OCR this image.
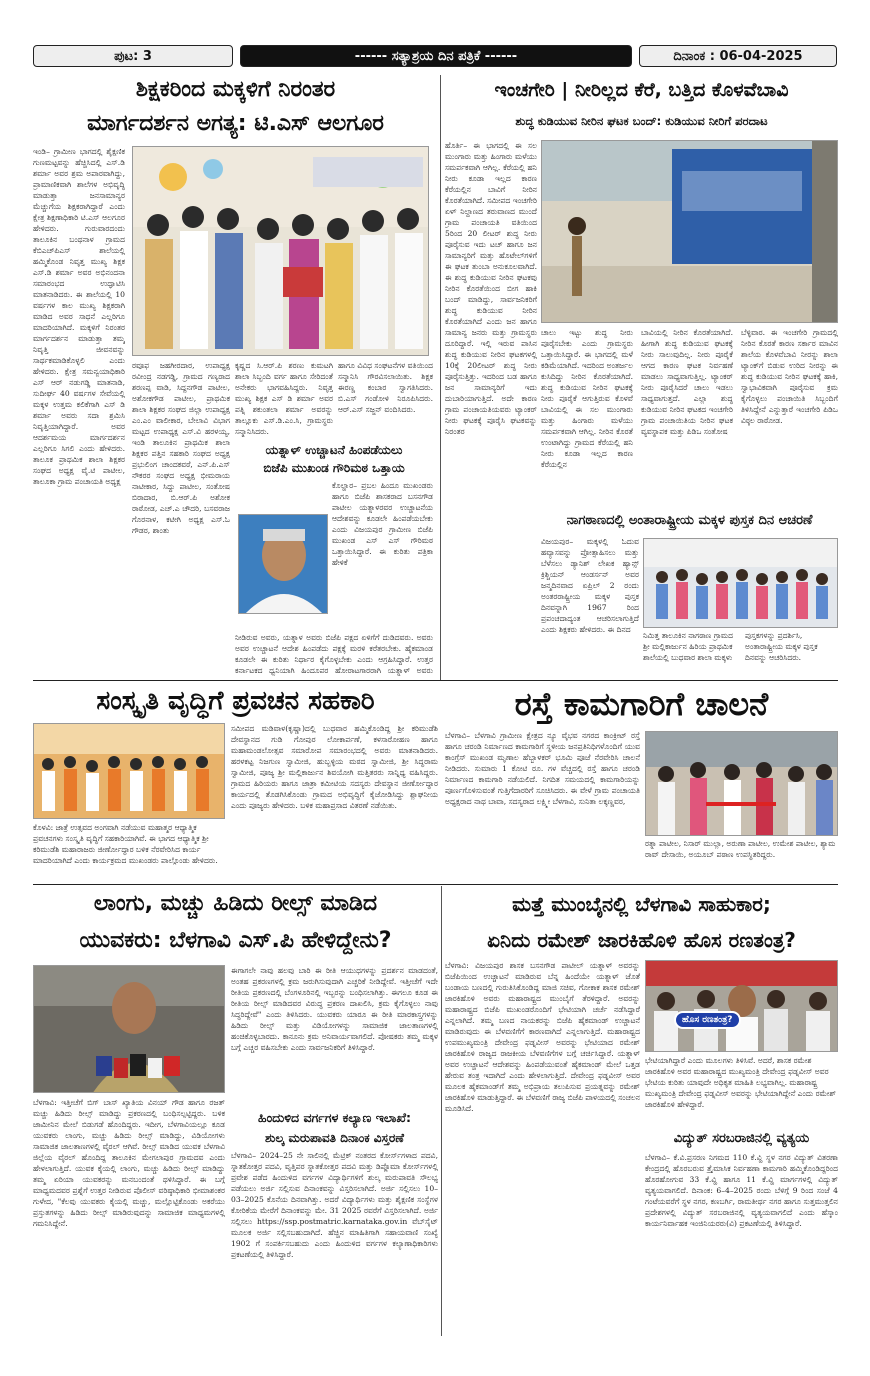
ಪುಟ: 3	------ ಸತ್ಯಾಶ್ರಯ ದಿನ ಪತ್ರಿಕೆ ------	ದಿನಾಂಕ : 06-04-2025
ಶಿಕ್ಷಕರಿಂದ ಮಕ್ಕಳಿಗೆ ನಿರಂತರ
ಮಾರ್ಗದರ್ಶನ ಅಗತ್ಯ: ಟಿ.ಎಸ್ ಆಲಗೂರ
ಇಂಡಿ– ಗ್ರಾಮೀಣ ಭಾಗದಲ್ಲಿ ಶೈಕ್ಷಣಿಕ ಗುಣಮಟ್ಟವನ್ನು ಹೆಚ್ಚಿಸಿದಲ್ಲಿ ಎಸ್.ಡಿ ಶರ್ಮಾ ಅವರ ಶ್ರಮ ಅಪಾರವಾಗಿದ್ದು, ಪ್ರಾಮಾಣಿಕವಾಗಿ ಶಾಲೆಗಳ ಅಭಿವೃದ್ಧಿ ಮಾಡುತ್ತಾ ಜನಸಾಮಾನ್ಯರ ಮೆಚ್ಚುಗೆಯ ಶಿಕ್ಷಕರಾಗಿದ್ದಾರೆ ಎಂದು ಕ್ಷೇತ್ರ ಶಿಕ್ಷಣಾಧಿಕಾರಿ ಟಿ.ಎಸ್ ಆಲಗೂರ ಹೇಳಿದರು. ಗುರುವಾರದಂದು ತಾಲೂಕಿನ ಬಂಥನಾಳ ಗ್ರಾಮದ ಕೆಬಿಎಚ್‌ಪಿಎಸ್ ಶಾಲೆಯಲ್ಲಿ ಹಮ್ಮಿಕೊಂಡ ನಿವೃತ್ತ ಮುಖ್ಯ ಶಿಕ್ಷಕ ಎಸ್.ಡಿ ಶರ್ಮಾ ಅವರ ಅಭಿನಂದನಾ ಸಮಾರಂಭದ ಉದ್ಘಾಟಿಸಿ ಮಾತನಾಡಿದರು. ಈ ಶಾಲೆಯಲ್ಲಿ 10 ವರ್ಷಗಳ ಕಾಲ ಮುಖ್ಯ ಶಿಕ್ಷಕರಾಗಿ ಮಾಡಿದ ಅವರ ಸಾಧನೆ ಎಲ್ಲರಿಗೂ ಮಾದರಿಯಾಗಿದೆ. ಮಕ್ಕಳಿಗೆ ನಿರಂತರ ಮಾರ್ಗದರ್ಶನ ಮಾಡುತ್ತಾ ತಮ್ಮ ನಿವೃತ್ತಿ ಜೀವನವನ್ನು ಸಾರ್ಥಕಮಾಡಿಕೊಳ್ಳಲಿ ಎಂದು ಹೇಳಿದರು. ಕ್ಷೇತ್ರ ಸಮನ್ವಯಾಧಿಕಾರಿ ಎಸ್ ಆರ್ ನಡುಗಡ್ಡಿ ಮಾತನಾಡಿ, ಸುದೀರ್ಘ 40 ವರ್ಷಗಳ ಸೇವೆಯಲ್ಲಿ ಮಕ್ಕಳ ಉತ್ತಮ ಕಲಿಕೆಗಾಗಿ ಎಸ್ ಡಿ ಶರ್ಮಾ ಅವರು ಸದಾ ಶ್ರಮಿಸಿ ನಿವೃತ್ತಿಯಾಗಿದ್ದಾರೆ. ಅವರ ಆದರ್ಶಮಯ ಮಾರ್ಗದರ್ಶನ ಎಲ್ಲರಿಗೂ ಸಿಗಲಿ ಎಂದು ಹೇಳಿದರು. ತಾಲೂಕ ಪ್ರಾಥಮಿಕ ಶಾಲಾ ಶಿಕ್ಷಕರ ಸಂಘದ ಅಧ್ಯಕ್ಷ ವೈ.ಟಿ ಪಾಟೀಲ, ತಾಲೂಕಾ ಗ್ರಾಮ ಪಂಚಾಯತಿ ಅಧ್ಯಕ್ಷ
ರವೂಫ ಜಹಗೀರದಾರ, ಉಪಾಧ್ಯಕ್ಷ ರವೀಂದ್ರ ನಡಗಡ್ಡಿ, ಗ್ರಾಮದ ಗಣ್ಯರಾದ ಶರಣಪ್ಪ ವಾಡಿ, ಸಿದ್ದನಗೌಡ ಪಾಟೀಲ, ಅಶೋಕಗೌಡ ಪಾಟೀಲ, ಪ್ರಾಥಮಿಕ ಶಾಲಾ ಶಿಕ್ಷಕರ ಸಂಘದ ಜಿಲ್ಲಾ ಉಪಾಧ್ಯಕ್ಷ ಎಂ.ಎಂ ವಾಲೀಕಾರ, ಬೇಲಾವಿ ವಿಭಾಗ ಮಟ್ಟದ ಉಪಾಧ್ಯಕ್ಷ ಎಸ್.ವಿ ಹರಳಯ್ಯ, ಇಂಡಿ ತಾಲೂಕಿನ ಪ್ರಾಥಮಿಕ ಶಾಲಾ ಶಿಕ್ಷಕರ ಪತ್ತಿನ ಸಹಕಾರಿ ಸಂಘದ ಅಧ್ಯಕ್ಷ ಪ್ರಭುಲಿಂಗ ಚಾಂದಕವಠೆ, ಎನ್.ಪಿ.ಎಸ್ ನೌಕರರ ಸಂಘದ ಅಧ್ಯಕ್ಷ ಭೀಮರಾಯ ನಾಟೀಕಾರ, ಸಿದ್ದು ಪಾಟೀಲ, ಸಂತೋಷ ಬಿರಾದಾರ, ಬಿ.ಆರ್.ಪಿ ಅಶೋಕ ರಾಠೋಡ, ಎಚ್.ಎ ಚೌದರಿ, ಬಸವರಾಜ ಗೊರನಾಳ, ಕಟೀಗಿ ಅಧ್ಯಕ್ಷ ಎಸ್.ಓ ಗೌಡರ, ಶಾಂತು
ಕೃಷ್ಣದ ಸಿ.ಆರ್.ಪಿ ಶರಣು ಕುಮಟಗಿ ಶಾಲಾ ಸಿಬ್ಬಂದಿ ವರ್ಗ ಹಾಗೂ ಸೇರಿದಂತೆ ಅನೇಕರು ಭಾಗವಹಿಸಿದ್ದರು. ನಿವೃತ್ತ ಮುಖ್ಯ ಶಿಕ್ಷಕ ಎಸ್ ಡಿ ಶರ್ಮಾ ಅವರ ಪತ್ನಿ ಶಕುಂತಲಾ ಶರ್ಮಾ ಅವರನ್ನು ತಾಲ್ಲೂಕು ಎಸ್.ಡಿ.ಎಂ.ಸಿ, ಗ್ರಾಮಸ್ಥರು ಸನ್ಮಾನಿಸಿದರು.
ಹಾಗೂ ವಿವಿಧ ಸಂಘಟನೆಗಳ ವತಿಯಿಂದ ಸನ್ಮಾನಿಸಿ ಗೌರವಿಸಲಾಯಿತು. ಶಿಕ್ಷಕ ಈರಣ್ಣ ಕಂಬಾರ ಸ್ವಾಗತಿಸಿದರು. ಬಿ.ಎಸ್ ಗಂಡೋಳಿ ನಿರೂಪಿಸಿದರು. ಆರ್.ಎಸ್ ಸಜ್ಜನ್ ವಂದಿಸಿದರು.
ಯತ್ನಾಳ್ ಉಚ್ಚಾಟನೆ ಹಿಂಪಡೆಯಲು
ಬಿಜೆಪಿ ಮುಖಂಡ ಗೌರಿಮಠ ಒತ್ತಾಯ
ಕೊಲ್ಹಾರ– ಪ್ರಬಲ ಹಿಂದೂ ಮುಖಂಡರು ಹಾಗೂ ಬಿಜೆಪಿ ಶಾಸಕರಾದ ಬಸನಗೌಡ ಪಾಟೀಲ ಯತ್ನಾಳರವರ ಉಚ್ಚಾಟನೆಯ ಆದೇಶವನ್ನು ಕೂಡಲೇ ಹಿಂಪಡೆಯಬೇಕು ಎಂದು ವಿಜಯಪುರ ಗ್ರಾಮೀಣ ಬಿಜೆಪಿ ಮುಖಂಡ ಎಸ್ ಎಸ್ ಗೌರಿಮಠ ಒತ್ತಾಯಿಸಿದ್ದಾರೆ. ಈ ಕುರಿತು ಪತ್ರಿಕಾ ಹೇಳಿಕೆ
ನೀಡಿರುವ ಅವರು, ಯತ್ನಾಳ ಅವರು ಬಿಜೆಪಿ ಪಕ್ಷದ ಏಳಿಗೆಗೆ ದುಡಿದವರು. ಅವರು ಅವರ ಉಚ್ಚಾಟನೆ ಆದೇಶ ಹಿಂಪಡೆದು ಪಕ್ಷಕ್ಕೆ ಮರಳಿ ಕರೆತರಬೇಕು. ಹೈಕಮಾಂಡ ಕೂಡಲೇ ಈ ಕುರಿತು ನಿರ್ಧಾರ ಕೈಗೊಳ್ಳಬೇಕು ಎಂದು ಆಗ್ರಹಿಸಿದ್ದಾರೆ. ಉತ್ತರ ಕರ್ನಾಟಕದ ಧ್ವನಿಯಾಗಿ ಹಿಂದೂಪರ ಹೋರಾಟಗಾರರಾಗಿ ಯತ್ನಾಳ್ ಅವರು
ಇಂಚಗೇರಿ | ನೀರಿಲ್ಲದ ಕೆರೆ, ಬತ್ತಿದ ಕೊಳವೆಬಾವಿ
ಶುದ್ಧ ಕುಡಿಯುವ ನೀರಿನ ಘಟಕ ಬಂದ್: ಕುಡಿಯುವ ನೀರಿಗೆ ಪರದಾಟ
ಹೊರ್ತಿ– ಈ ಭಾಗದಲ್ಲಿ ಈ ಸಲ ಮುಂಗಾರು ಮತ್ತು ಹಿಂಗಾರು ಮಳೆಯು ಸಮರ್ಪಕವಾಗಿ ಆಗಿಲ್ಲ. ಕೆರೆಯಲ್ಲಿ ಹನಿ ನೀರು ಕೂಡಾ ಇಲ್ಲದ ಕಾರಣ ಕೆರೆಯಲ್ಲಿನ ಬಾವಿಗೆ ನೀರಿನ ಕೊರತೆಯಾಗಿದೆ. ಸಮೀಪದ ಇಂಚಗೇರಿ ಏಳ್ ನಿಲ್ದಾಣದ ತರುವಾಣದ ಮುಂದೆ ಗ್ರಾಮ ಪಂಚಾಯತಿ ವತಿಯಿಂದ 5ರಿಂದ 20 ಲೀಟರ್ ಶುದ್ಧ ನೀರು ಪೂರೈಸುವ ಇದು ಟಚ್ ಹಾಗೂ ಜನ ಸಾಮಾನ್ಯರಿಗೆ ಮತ್ತು ಹೊಟೇಲ್‌ಗಳಿಗೆ ಈ ಘಟಕ ತುಂಬಾ ಅನುಕೂಲವಾಗಿದೆ. ಈ ಶುದ್ಧ ಕುಡಿಯುವ ನೀರಿನ ಘಟಕವು ನೀರಿನ ಕೊರತೆಯಿಂದ ಬೀಗ ಹಾಕಿ ಬಂದ್ ಮಾಡಿದ್ದು, ಸಾರ್ವಜನಿಕರಿಗೆ ಶುದ್ಧ ಕುಡಿಯುವ ನೀರಿನ ಕೊರತೆಯಾಗಿದೆ ಎಂದು ಜನ ಹಾಗೂ ಸಾಮಾನ್ಯ ಜನರು ಮತ್ತು ಗ್ರಾಮಸ್ಥರು ದೂರಿದ್ದಾರೆ. ಇಲ್ಲಿ ಇರುವ ಪಾಸಿನ ಶುದ್ಧ ಕುಡಿಯುವ ನೀರಿನ ಘಟಕಗಳಲ್ಲಿ 10ಕ್ಕೆ 20ಲೀಟರ್ ಶುದ್ಧ ನೀರು ಪೂರೈಸುತ್ತಿತ್ತು. ಇದರಿಂದ ಬಡ ಹಾಗೂ ಜನ ಸಾಮಾನ್ಯರಿಗೆ ಇದು ದುಬಾರಿಯಾಗುತ್ತಿದೆ. ಅದೇ ಕಾರಣ ಗ್ರಾಮ ಪಂಚಾಯತಿಯವರು ಟ್ಯಾಂಕರ್ ನೀರು ಘಟಕಕ್ಕೆ ಪೂರೈಸಿ ಘಟಕವನ್ನು ನಿರಂತರ
ಚಾಲು ಇಟ್ಟು ಶುದ್ಧ ನೀರು ಪೂರೈಸಬೇಕು ಎಂದು ಗ್ರಾಮಸ್ಥರು ಒತ್ತಾಯಿಸಿದ್ದಾರೆ. ಈ ಭಾಗದಲ್ಲಿ ಮಳೆ ಕಡಿಮೆಯಾಗಿದೆ. ಇದರಿಂದ ಅಂತರ್ಜಲ ಕುಸಿದಿದ್ದು ನೀರಿನ ಕೊರತೆಯಾಗಿದೆ. ಶುದ್ಧ ಕುಡಿಯುವ ನೀರಿನ ಘಟಕಕ್ಕೆ ನೀರು ಪೂರೈಕೆ ಆಗುತ್ತಿರುವ ಕೊಳವೆ ಬಾವಿಯಲ್ಲಿ ಈ ಸಲ ಮುಂಗಾರು ಮತ್ತು ಹಿಂಗಾರು ಮಳೆಯು ಸಮರ್ಪಕವಾಗಿ ಆಗಿಲ್ಲ. ನೀರಿನ ಕೊರತೆ ಉಂಟಾಗಿದ್ದು ಗ್ರಾಮದ ಕೆರೆಯಲ್ಲಿ ಹನಿ ನೀರು ಕೂಡಾ ಇಲ್ಲದ ಕಾರಣ ಕೆರೆಯಲ್ಲಿನ
ಬಾವಿಯಲ್ಲಿ ನೀರಿನ ಕೊರತೆಯಾಗಿದೆ. ಹೀಗಾಗಿ ಶುದ್ಧ ಕುಡಿಯುವ ಘಟಕಕ್ಕೆ ನೀರು ಸಾಲುವುದಿಲ್ಲ. ನೀರು ಪೂರೈಕೆ ಆಗದ ಕಾರಣ ಘಟಕ ನಿರ್ವಹಣೆ ಮಾಡಲು ಸಾಧ್ಯವಾಗುತ್ತಿಲ್ಲ. ಟ್ಯಾಂಕರ್ ನೀರು ಪೂರೈಸಿದರೆ ಚಾಲು ಇಡಲು ಸಾಧ್ಯವಾಗುತ್ತದೆ. ಎಲ್ಲಾ ಶುದ್ಧ ಕುಡಿಯುವ ನೀರಿನ ಘಟಕದ ಇಂಚಗೇರಿ ಗ್ರಾಮ ಪಂಚಾಯಿತಿಯ ನೀರಿನ ಘಟಕ ವ್ಯವಸ್ಥಾಪಕ ಮತ್ತು ಪಿಡಿಒ ಸಂತೋಷ
ಬೆಳ್ಳಿವಾರ. ಈ ಇಂಚಗೇರಿ ಗ್ರಾಮದಲ್ಲಿ ನೀರಿನ ಕೊರತೆ ಕಾರಣ ಸರ್ಕಾರ ಮಾವಿನ ಶಾಲೆಯ ಕೊಳವೆಬಾವಿ ನೀರನ್ನು ಶಾಲಾ ಟ್ಯಾಂಕ್‌ಗೆ ಬಿಡುವ ಉರಿದ ನೀರನ್ನು ಈ ಶುದ್ಧ ಕುಡಿಯುವ ನೀರಿನ ಘಟಕಕ್ಕೆ ಹಾಕಿ, ಸ್ವಾಭಾವಿಕವಾಗಿ ಪೂರೈಸುವ ಕ್ರಮ ಕೈಗೊಳ್ಳಲು ಪಂಚಾಯಿತಿ ಸಿಬ್ಬಂದಿಗೆ ತಿಳಿಸಿದ್ದೇನೆ ಎನ್ನುತ್ತಾರೆ ಇಂಚಗೇರಿ ಪಿಡಿಒ ವಿಠ್ಠಲ ರಾಠೋಡ.
ನಾಗಠಾಣದಲ್ಲಿ ಅಂತಾರಾಷ್ಟ್ರೀಯ ಮಕ್ಕಳ ಪುಸ್ತಕ ದಿನ ಆಚರಣೆ
ವಿಜಯಪುರ– ಮಕ್ಕಳಲ್ಲಿ ಓದುವ ಹವ್ಯಾಸವನ್ನು ಪ್ರೋತ್ಸಾಹಿಸಲು ಮತ್ತು ಬೆಳೆಸಲು ಡ್ಯಾನಿಶ್ ಲೇಖಕ ಹ್ಯಾನ್ಸ್ ಕ್ರಿಶ್ಚಿಯನ್ ಆಂಡರ್ಸನ್ ಅವರ ಜನ್ಮದಿನವಾದ ಏಪ್ರಿಲ್ 2 ರಂದು ಅಂತರರಾಷ್ಟ್ರೀಯ ಮಕ್ಕಳ ಪುಸ್ತಕ ದಿನವನ್ನಾಗಿ 1967 ರಿಂದ ಪ್ರಪಂಚದಾದ್ಯಂತ ಆಚರಿಸಲಾಗುತ್ತಿದೆ ಎಂದು ಶಿಕ್ಷಕರು ಹೇಳಿದರು. ಈ ದಿನದ
ನಿಮಿತ್ತ ತಾಲೂಕಿನ ನಾಗಠಾಣ ಗ್ರಾಮದ ಶ್ರೀ ಮಲ್ಲಿಕಾರ್ಜುನ ಹಿರಿಯ ಪ್ರಾಥಮಿಕ ಶಾಲೆಯಲ್ಲಿ ಬುಧವಾರ ಶಾಲಾ ಮಕ್ಕಳು
ಪುಸ್ತಕಗಳನ್ನು ಪ್ರದರ್ಶಿಸಿ, ಅಂತಾರಾಷ್ಟ್ರೀಯ ಮಕ್ಕಳ ಪುಸ್ತಕ ದಿನವನ್ನು ಆಚರಿಸಿದರು.
ಸಂಸ್ಕೃತಿ ವೃದ್ಧಿಗೆ ಪ್ರವಚನ ಸಹಕಾರಿ
ಕೊಳವಿ: ಜಾತ್ರೆ ಉತ್ಸವದ ಅಂಗವಾಗಿ ನಡೆಯುವ ಮಹಾತ್ಮರ ಆಧ್ಯಾತ್ಮಿಕ ಪ್ರವಚನಗಳು ಸಂಸ್ಕೃತಿ ವೃದ್ಧಿಗೆ ಸಹಕಾರಿಯಾಗಿವೆ. ಈ ಭಾಗದ ಆಧ್ಯಾತ್ಮಿಕ ಶ್ರೀ ಕರಿಮುಡೆಶಿ ಮಹಾರಾಜರು ಜೀರ್ಣೋದ್ಧಾರ ಬಳಿಕ ನೆರವೇರಿಸಿದ ಕಾರ್ಯ ಮಾದರಿಯಾಗಿದೆ ಎಂದು ಕಾರ್ಯಕ್ರಮದ ಮುಖಂಡರು ಪಾಲ್ಗೊಂಡು ಹೇಳಿದರು.
ಸಮೀಪದ ಮಡಿವಾಳ(ಕೃಷ್ಣಾ)ದಲ್ಲಿ ಬುಧವಾರ ಹಮ್ಮಿಕೊಂಡಿದ್ದ ಶ್ರೀ ಕರಿಮುಡೆಶಿ ದೇವಸ್ಥಾನದ ಗುಡಿ ಗೋಪುರ ಲೋಕಾರ್ಪಣೆ, ಕಳಸಾರೋಹಣ ಹಾಗೂ ಮಹಾಮಂಡಲೋತ್ಸವ ಸಮಾರೋಪ ಸಮಾರಂಭದಲ್ಲಿ ಅವರು ಮಾತನಾಡಿದರು. ಹರಳಕಟ್ಟ ನಿಜಗುಣ ಸ್ವಾಮೀಜಿ, ಹುಬ್ಬಳ್ಳಿಯ ಮಠದ ಸ್ವಾಮೀಜಿ, ಶ್ರೀ ಸಿದ್ಧರಾಮ ಸ್ವಾಮೀಜಿ, ಪೂಜ್ಯ ಶ್ರೀ ಮಲ್ಲಿಕಾರ್ಜುನ ಶಿವಯೋಗಿ ಮತ್ತಿತರರು ಸಾನ್ನಿಧ್ಯ ವಹಿಸಿದ್ದರು. ಗ್ರಾಮದ ಹಿರಿಯರು ಹಾಗೂ ಜಾತ್ರಾ ಕಮೀಟಿಯ ಸದಸ್ಯರು ದೇವಸ್ಥಾನ ಜೀರ್ಣೋದ್ಧಾರ ಕಾರ್ಯದಲ್ಲಿ ತೊಡಗಿಸಿಕೊಂಡು ಗ್ರಾಮದ ಅಭಿವೃದ್ಧಿಗೆ ಕೈಜೋಡಿಸಿದ್ದು ಶ್ಲಾಘನೀಯ ಎಂದು ಪೂಜ್ಯರು ಹೇಳಿದರು. ಬಳಿಕ ಮಹಾಪ್ರಸಾದ ವಿತರಣೆ ನಡೆಯಿತು.
ರಸ್ತೆ ಕಾಮಗಾರಿಗೆ ಚಾಲನೆ
ಬೆಳಗಾವಿ– ಬೆಳಗಾವಿ ಗ್ರಾಮೀಣ ಕ್ಷೇತ್ರದ ನ್ಯೂ ವೈಭವ ನಗರದ ಕಾಂಕ್ರೀಟ್ ರಸ್ತೆ ಹಾಗೂ ಚರಂಡಿ ನಿರ್ಮಾಣದ ಕಾಮಗಾರಿಗೆ ಸ್ಥಳೀಯ ಜನಪ್ರತಿನಿಧಿಗಳೊಂದಿಗೆ ಯುವ ಕಾಂಗ್ರೆಸ್ ಮುಖಂಡ ಮೃಣಾಲ ಹೆಬ್ಬಾಳಕರ್ ಭೂಮಿ ಪೂಜೆ ನೆರವೇರಿಸಿ ಚಾಲನೆ ನೀಡಿದರು. ಸುಮಾರು 1 ಕೋಟಿ ರೂ. ಗಳ ವೆಚ್ಚದಲ್ಲಿ ರಸ್ತೆ ಹಾಗೂ ಚರಂಡಿ ನಿರ್ಮಾಣದ ಕಾಮಗಾರಿ ನಡೆಯಲಿದೆ. ನಿಗದಿತ ಸಮಯದಲ್ಲಿ ಕಾಮಗಾರಿಯನ್ನು ಪೂರ್ಣಗೊಳಿಸುವಂತೆ ಗುತ್ತಿಗೆದಾರರಿಗೆ ಸೂಚಿಸಿದರು. ಈ ವೇಳೆ ಗ್ರಾಮ ಪಂಚಾಯತಿ ಅಧ್ಯಕ್ಷರಾದ ನಾಥ ಬಾವಾ, ಸದಸ್ಯರಾದ ಲಕ್ಷ್ಮೀ ಬೆಳಗಾವಿ, ಸುನಿತಾ ಲಕ್ಕಣ್ಣವರ,
ರತ್ನಾ ಪಾಟೀಲ, ನಿಸಾರ್ ಮುಲ್ಲಾ, ಅರುಣಾ ಪಾಟೀಲ, ಉಮೇಶ ಪಾಟೀಲ, ಶ್ಯಾಮ ರಾವ್ ದೇಸಾಯಿ, ಅಯೂಬ್ ಪಠಾಣ ಉಪಸ್ಥಿತರಿದ್ದರು.
ಲಾಂಗು, ಮಚ್ಚು ಹಿಡಿದು ರೀಲ್ಸ್ ಮಾಡಿದ
ಯುವಕರು: ಬೆಳಗಾವಿ ಎಸ್.ಪಿ ಹೇಳಿದ್ದೇನು?
ಬೆಳಗಾವಿ: ಇತ್ತೀಚೆಗೆ ಬಿಗ್ ಬಾಸ್ ಖ್ಯಾತಿಯ ವಿನಯ್ ಗೌಡ ಹಾಗೂ ರಜತ್ ಮಚ್ಚು ಹಿಡಿದು ರೀಲ್ಸ್ ಮಾಡಿದ್ದು ಪ್ರಕರಣದಲ್ಲಿ ಬಂಧಿಸಲ್ಪಟ್ಟಿದ್ದರು. ಬಳಿಕ ಜಾಮೀನಿನ ಮೇಲೆ ಬಿಡುಗಡೆ ಹೊಂದಿದ್ದರು. ಇದೀಗ, ಬೆಳಗಾವಿಯಲ್ಲೂ ಕೂಡ ಯುವಕರು ಲಾಂಗು, ಮಚ್ಚು ಹಿಡಿದು ರೀಲ್ಸ್ ಮಾಡಿದ್ದು, ವಿಡಿಯೋಗಳು ಸಾಮಾಜಿಕ ಜಾಲತಾಣಗಳಲ್ಲಿ ವೈರಲ್ ಆಗಿವೆ. ರೀಲ್ಸ್ ಮಾಡಿದ ಯುವಕ ಬೆಳಗಾವಿ ಜಿಲ್ಲೆಯ ವೈರಲ್ ಹೊಂದಿದ್ದ ತಾಲೂಕಿನ ಮೇಗಲಾಪುರ ಗ್ರಾಮದವ ಎಂದು ಹೇಳಲಾಗುತ್ತಿದೆ. ಯುವಕ ಕೈಯಲ್ಲಿ ಲಾಂಗು, ಮಚ್ಚು ಹಿಡಿದು ರೀಲ್ಸ್ ಮಾಡಿದ್ದು ತಮ್ಮ ಏರಿಯಾ ಯುವಕರನ್ನು ಮನಬಂದಂತೆ ಥಳಿಸಿದ್ದಾರೆ. ಈ ಬಗ್ಗೆ ಮಾಧ್ಯಮದವರ ಪ್ರಶ್ನೆಗೆ ಉತ್ತರ ನೀಡಿರುವ ಪೊಲೀಸ್ ವರಿಷ್ಠಾಧಿಕಾರಿ ಭೀಮಾಶಂಕರ ಗುಳೇದ, "ಕೆಲವು ಯುವಕರು ಕೈಯಲ್ಲಿ ಮಚ್ಚು, ಮಲ್ಲೊಟ್ಟಿಕೊಂಡು ಅಕರೆಯು ಪ್ರಸ್ತುತಗಳನ್ನು ಹಿಡಿದು ರೀಲ್ಸ್ ಮಾಡಿರುವುದನ್ನು ಸಾಮಾಜಿಕ ಮಾಧ್ಯಮಗಳಲ್ಲಿ ಗಮನಿಸಿದ್ದೇನೆ.
ಈಗಾಗಲೇ ನಾವು ಹಲವು ಬಾರಿ ಈ ರೀತಿ ಆಯುಧಗಳನ್ನು ಪ್ರದರ್ಶನ ಮಾಡದಂತೆ, ಅಂತಹ ಪ್ರಕರಣಗಳಲ್ಲಿ ಕ್ರಮ ಜರುಗಿಸುವುದಾಗಿ ಎಚ್ಚರಿಕೆ ನೀಡಿದ್ದೇವೆ. ಇತ್ತೀಚೆಗೆ ಇದೇ ರೀತಿಯ ಪ್ರಕರಣದಲ್ಲಿ ಬೆಂಗಳೂರಿನಲ್ಲಿ ಇಬ್ಬರನ್ನು ಬಂಧಿಸಲಾಗಿತ್ತು. ಈಗಲೂ ಕೂಡ ಈ ರೀತಿಯ ರೀಲ್ಸ್ ಮಾಡಿದವರ ವಿರುದ್ಧ ಪ್ರಕರಣ ದಾಖಲಿಸಿ, ಕ್ರಮ ಕೈಗೊಳ್ಳಲು ನಾವು ಸಿದ್ಧರಿದ್ದೇವೆ" ಎಂದು ತಿಳಿಸಿದರು. ಯುವಕರು ಯಾರೂ ಈ ರೀತಿ ಮಾರಕಾಸ್ತ್ರಗಳನ್ನು ಹಿಡಿದು ರೀಲ್ಸ್ ಮತ್ತು ವಿಡಿಯೋಗಳನ್ನು ಸಾಮಾಜಿಕ ಜಾಲತಾಣಗಳಲ್ಲಿ ಹಂಚಿಕೊಳ್ಳಬಾರದು. ಕಾನೂನು ಕ್ರಮ ಅನಿವಾರ್ಯವಾಗಲಿದೆ. ಪೋಷಕರು ತಮ್ಮ ಮಕ್ಕಳ ಬಗ್ಗೆ ಎಚ್ಚರ ವಹಿಸಬೇಕು ಎಂದು ಸಾರ್ವಜನಿಕರಿಗೆ ತಿಳಿಸಿದ್ದಾರೆ.
ಹಿಂದುಳಿದ ವರ್ಗಗಳ ಕಲ್ಯಾಣ ಇಲಾಖೆ:
ಶುಲ್ಕ ಮರುಪಾವತಿ ದಿನಾಂಕ ವಿಸ್ತರಣೆ
ಬೆಳಗಾವಿ– 2024–25 ನೇ ಸಾಲಿನಲ್ಲಿ ಮೆಟ್ರಿಕ್ ನಂತರದ ಕೋರ್ಸ್‌ಗಳಾದ ಪದವಿ, ಸ್ನಾತಕೋತ್ತರ ಪದವಿ, ವೃತ್ತಿಪರ ಸ್ನಾತಕೋತ್ತರ ಪದವಿ ಮತ್ತು ಡಿಪ್ಲೊಮಾ ಕೋರ್ಸ್‌ಗಳಲ್ಲಿ ಪ್ರವೇಶ ಪಡೆದ ಹಿಂದುಳಿದ ವರ್ಗಗಳ ವಿದ್ಯಾರ್ಥಿಗಳಿಗೆ ಶುಲ್ಕ ಮರುಪಾವತಿ ಸೌಲಭ್ಯ ಪಡೆಯಲು ಅರ್ಜಿ ಸಲ್ಲಿಸುವ ದಿನಾಂಕವನ್ನು ವಿಸ್ತರಿಸಲಾಗಿದೆ. ಅರ್ಜಿ ಸಲ್ಲಿಸಲು 10–03–2025 ಕೊನೆಯ ದಿನವಾಗಿತ್ತು. ಅದರೆ ವಿದ್ಯಾರ್ಥಿಗಳು ಮತ್ತು ಶೈಕ್ಷಣಿಕ ಸಂಸ್ಥೆಗಳ ಕೋರಿಕೆಯ ಮೇರೆಗೆ ದಿನಾಂಕವನ್ನು ಮೇ. 31 2025 ರವರೆಗೆ ವಿಸ್ತರಿಸಲಾಗಿದೆ. ಅರ್ಜಿ ಸಲ್ಲಿಸಲು https://ssp.postmatric.karnataka.gov.in ವೆಬ್‌ಸೈಟ್ ಮೂಲಕ ಅರ್ಜಿ ಸಲ್ಲಿಸಬಹುದಾಗಿದೆ. ಹೆಚ್ಚಿನ ಮಾಹಿತಿಗಾಗಿ ಸಹಾಯವಾಣಿ ಸಂಖ್ಯೆ 1902 ಗೆ ಸಂಪರ್ಕಿಸಬಹುದು ಎಂದು ಹಿಂದುಳಿದ ವರ್ಗಗಳ ಕಲ್ಯಾಣಾಧಿಕಾರಿಗಳು ಪ್ರಕಟಣೆಯಲ್ಲಿ ತಿಳಿಸಿದ್ದಾರೆ.
ಮತ್ತೆ ಮುಂಬೈನಲ್ಲಿ ಬೆಳಗಾವಿ ಸಾಹುಕಾರ;
ಏನಿದು ರಮೇಶ್ ಜಾರಕಿಹೊಳಿ ಹೊಸ ರಣತಂತ್ರ?
ಬೆಳಗಾವಿ: ವಿಜಯಪುರ ಶಾಸಕ ಬಸನಗೌಡ ಪಾಟೀಲ್ ಯತ್ನಾಳ್ ಅವರನ್ನು ಬಿಜೆಪಿಯಿಂದ ಉಚ್ಚಾಟನೆ ಮಾಡಿರುವ ಬೆನ್ನ ಹಿಂದೆಯೇ ಯತ್ನಾಳ್ ಜೊತೆ ಬಂಡಾಯ ಬಣದಲ್ಲಿ ಗುರುತಿಸಿಕೊಂಡಿದ್ದ ಮಾಜಿ ಸಚಿವ, ಗೋಕಾಕ ಶಾಸಕ ರಮೇಶ್ ಜಾರಕಿಹೊಳಿ ಅವರು ಮಹಾರಾಷ್ಟ್ರದ ಮುಂಬೈಗೆ ತೆರಳಿದ್ದಾರೆ. ಅವರನ್ನು ಮಹಾರಾಷ್ಟ್ರದ ಬಿಜೆಪಿ ಮುಖಂಡರೊಂದಿಗೆ ಭೇಟಿಯಾಗಿ ಚರ್ಚೆ ನಡೆಸಿದ್ದಾರೆ ಎನ್ನಲಾಗಿದೆ. ತಮ್ಮ ಬಣದ ನಾಯಕರನ್ನು ಬಿಜೆಪಿ ಹೈಕಮಾಂಡ್ ಉಚ್ಚಾಟನೆ ಮಾಡಿರುವುದು ಈ ಬೆಳವಣಿಗೆಗೆ ಕಾರಣವಾಗಿದೆ ಎನ್ನಲಾಗುತ್ತಿದೆ. ಮಹಾರಾಷ್ಟ್ರದ ಉಪಮುಖ್ಯಮಂತ್ರಿ ದೇವೇಂದ್ರ ಫಡ್ನವೀಸ್ ಅವರನ್ನು ಭೇಟಿಯಾದ ರಮೇಶ್ ಜಾರಕಿಹೊಳಿ ರಾಜ್ಯದ ರಾಜಕೀಯ ಬೆಳವಣಿಗೆಗಳ ಬಗ್ಗೆ ಚರ್ಚಿಸಿದ್ದಾರೆ. ಯತ್ನಾಳ್ ಅವರ ಉಚ್ಚಾಟನೆ ಆದೇಶವನ್ನು ಹಿಂಪಡೆಯುವಂತೆ ಹೈಕಮಾಂಡ್ ಮೇಲೆ ಒತ್ತಡ ಹೇರುವ ತಂತ್ರ ಇದಾಗಿದೆ ಎಂದು ಹೇಳಲಾಗುತ್ತಿದೆ. ದೇವೇಂದ್ರ ಫಡ್ನವೀಸ್ ಅವರ ಮೂಲಕ ಹೈಕಮಾಂಡ್‌ಗೆ ತಮ್ಮ ಅಭಿಪ್ರಾಯ ತಲುಪಿಸುವ ಪ್ರಯತ್ನವನ್ನು ರಮೇಶ್ ಜಾರಕಿಹೊಳಿ ಮಾಡುತ್ತಿದ್ದಾರೆ. ಈ ಬೆಳವಣಿಗೆ ರಾಜ್ಯ ಬಿಜೆಪಿ ಪಾಳಯದಲ್ಲಿ ಸಂಚಲನ ಮೂಡಿಸಿದೆ.
ಹೊಸ ರಣತಂತ್ರ?
ಭೇಟಿಯಾಗಿದ್ದಾರೆ ಎಂದು ಮೂಲಗಳು ತಿಳಿಸಿವೆ. ಅದರೆ, ಶಾಸಕ ರಮೇಶ ಜಾರಕಿಹೊಳಿ ಅವರ ಮಹಾರಾಷ್ಟ್ರದ ಮುಖ್ಯಮಂತ್ರಿ ದೇವೇಂದ್ರ ಫಡ್ನವೀಸ್ ಅವರ ಭೇಟಿಯ ಕುರಿತು ಯಾವುದೇ ಅಧಿಕೃತ ಮಾಹಿತಿ ಲಭ್ಯವಾಗಿಲ್ಲ. ಮಹಾರಾಷ್ಟ್ರ ಮುಖ್ಯಮಂತ್ರಿ ದೇವೇಂದ್ರ ಫಡ್ನವೀಸ್ ಅವರನ್ನು ಭೇಟಿಯಾಗಿದ್ದೇನೆ ಎಂದು ರಮೇಶ್ ಜಾರಕಿಹೊಳಿ ಹೇಳಿದ್ದಾರೆ.
ವಿದ್ಯುತ್ ಸರಬರಾಜಿನಲ್ಲಿ ವ್ಯತ್ಯಯ
ಬೆಳಗಾವಿ– ಕೆ.ವಿ.ಪ್ರಸರಣ ನಿಗಮದ 110 ಕೆ.ವ್ಹಿ ಸ್ಥಳ ನಗರ ವಿದ್ಯುತ್ ವಿತರಣಾ ಕೇಂದ್ರದಲ್ಲಿ ಹೊರಬರುವ ತ್ರೈಮಾಸಿಕ ನಿರ್ವಹಣಾ ಕಾಮಗಾರಿ ಹಮ್ಮಿಕೊಂಡಿದ್ದರಿಂದ ಹೊರಹೋಗುವ 33 ಕೆ.ವ್ಹಿ ಹಾಗೂ 11 ಕೆ.ವ್ಹಿ ಮಾರ್ಗಗಳಲ್ಲಿ ವಿದ್ಯುತ್ ವ್ಯತ್ಯಯವಾಗಲಿದೆ. ದಿನಾಂಕ: 6–4–2025 ರಂದು ಬೆಳಿಗ್ಗೆ 9 ರಿಂದ ಸಂಜೆ 4 ಗಂಟೆಯವರೆಗೆ ಸ್ಥಳ ನಗರ, ಕಣಬರ್ಗಿ, ರಾಮತೀರ್ಥ ನಗರ ಹಾಗೂ ಸುತ್ತಮುತ್ತಲಿನ ಪ್ರದೇಶಗಳಲ್ಲಿ ವಿದ್ಯುತ್ ಸರಬರಾಜಿನಲ್ಲಿ ವ್ಯತ್ಯಯವಾಗಲಿದೆ ಎಂದು ಹೆಸ್ಕಾಂ ಕಾರ್ಯನಿರ್ವಾಹಕ ಇಂಜಿನಿಯರರು(ವಿ) ಪ್ರಕಟಣೆಯಲ್ಲಿ ತಿಳಿಸಿದ್ದಾರೆ.
